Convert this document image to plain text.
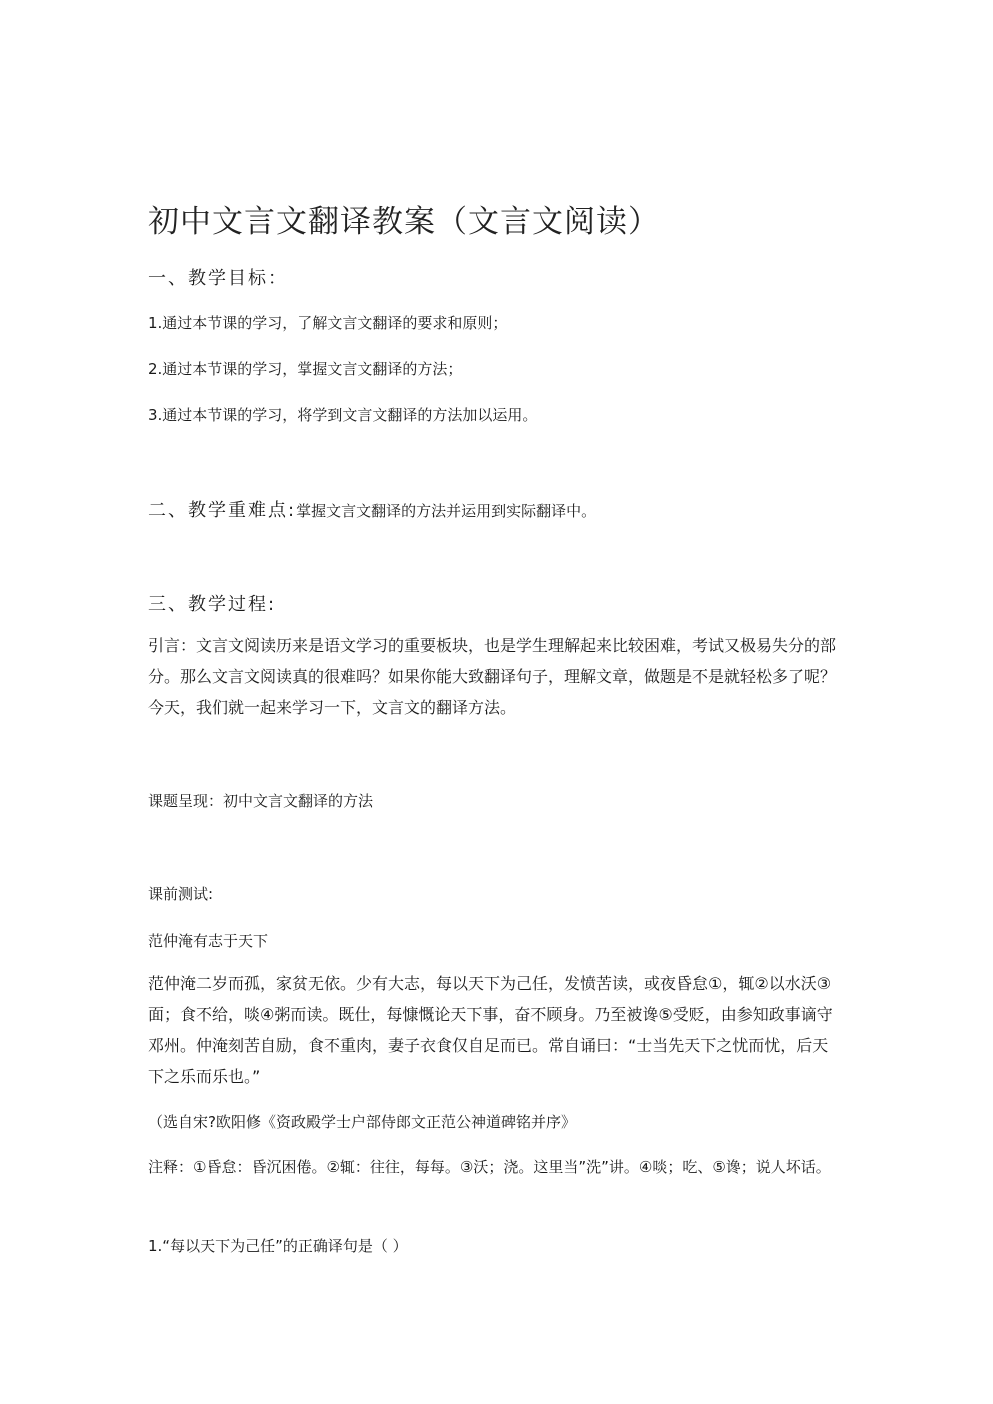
初中文言文翻译教案（文言文阅读）
一、教学目标：
1.通过本节课的学习，了解文言文翻译的要求和原则；
2.通过本节课的学习，掌握文言文翻译的方法；
3.通过本节课的学习，将学到文言文翻译的方法加以运用。
二、教学重难点:掌握文言文翻译的方法并运用到实际翻译中。
三、教学过程:
引言：文言文阅读历来是语文学习的重要板块，也是学生理解起来比较困难，考试又极易失分的部分。那么文言文阅读真的很难吗？如果你能大致翻译句子，理解文章，做题是不是就轻松多了呢？今天，我们就一起来学习一下，文言文的翻译方法。
课题呈现：初中文言文翻译的方法
课前测试:
范仲淹有志于天下
范仲淹二岁而孤，家贫无依。少有大志，每以天下为己任，发愤苦读，或夜昏怠①，辄②以水沃③面；食不给，啖④粥而读。既仕，每慷慨论天下事，奋不顾身。乃至被谗⑤受贬，由参知政事谪守邓州。仲淹刻苦自励，食不重肉，妻子衣食仅自足而已。常自诵曰：“士当先天下之忧而忧，后天下之乐而乐也。”
（选自宋?欧阳修《资政殿学士户部侍郎文正范公神道碑铭并序》
注释：①昏怠：昏沉困倦。②辄：往往，每每。③沃；浇。这里当”洗”讲。④啖；吃、⑤谗；说人坏话。
1.“每以天下为己任”的正确译句是（ ）
